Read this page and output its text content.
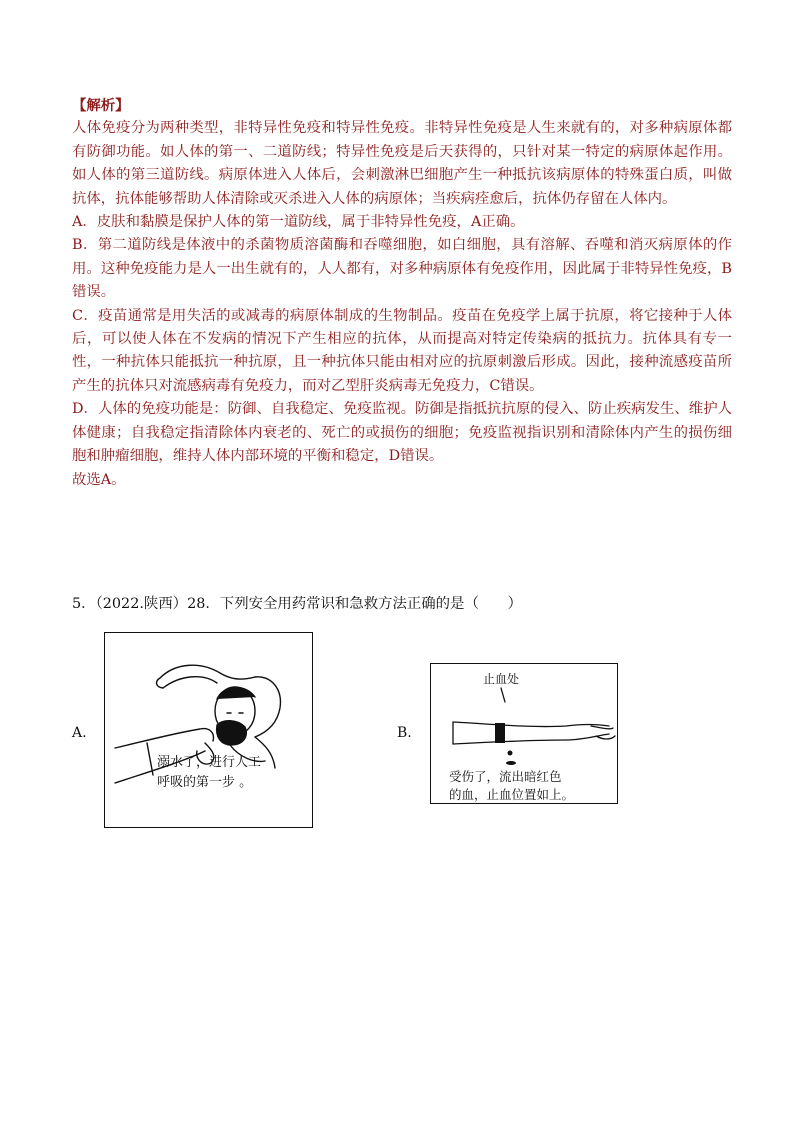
【解析】

人体免疫分为两种类型，非特异性免疫和特异性免疫。非特异性免疫是人生来就有的，对多种病原体都有防御功能。如人体的第一、二道防线；特异性免疫是后天获得的，只针对某一特定的病原体起作用。如人体的第三道防线。病原体进入人体后，会刺激淋巴细胞产生一种抵抗该病原体的特殊蛋白质，叫做抗体，抗体能够帮助人体清除或灭杀进入人体的病原体；当疾病痊愈后，抗体仍存留在人体内。

A．皮肤和黏膜是保护人体的第一道防线，属于非特异性免疫，A正确。

B．第二道防线是体液中的杀菌物质溶菌酶和吞噬细胞，如白细胞，具有溶解、吞噬和消灭病原体的作用。这种免疫能力是人一出生就有的，人人都有，对多种病原体有免疫作用，因此属于非特异性免疫，B错误。

C．疫苗通常是用失活的或减毒的病原体制成的生物制品。疫苗在免疫学上属于抗原，将它接种于人体后，可以使人体在不发病的情况下产生相应的抗体，从而提高对特定传染病的抵抗力。抗体具有专一性，一种抗体只能抵抗一种抗原，且一种抗体只能由相对应的抗原刺激后形成。因此，接种流感疫苗所产生的抗体只对流感病毒有免疫力，而对乙型肝炎病毒无免疫力，C错误。

D．人体的免疫功能是：防御、自我稳定、免疫监视。防御是指抵抗抗原的侵入、防止疾病发生、维护人体健康；自我稳定指清除体内衰老的、死亡的或损伤的细胞；免疫监视指识别和清除体内产生的损伤细胞和肿瘤细胞，维持人体内部环境的平衡和稳定，D错误。

故选A。

5．（2022.陕西）28．下列安全用药常识和急救方法正确的是（　　）

A.

溺水了，进行人工
呼吸的第一步 。

B.
止血处

受伤了，流出暗红色
的血，止血位置如上。
